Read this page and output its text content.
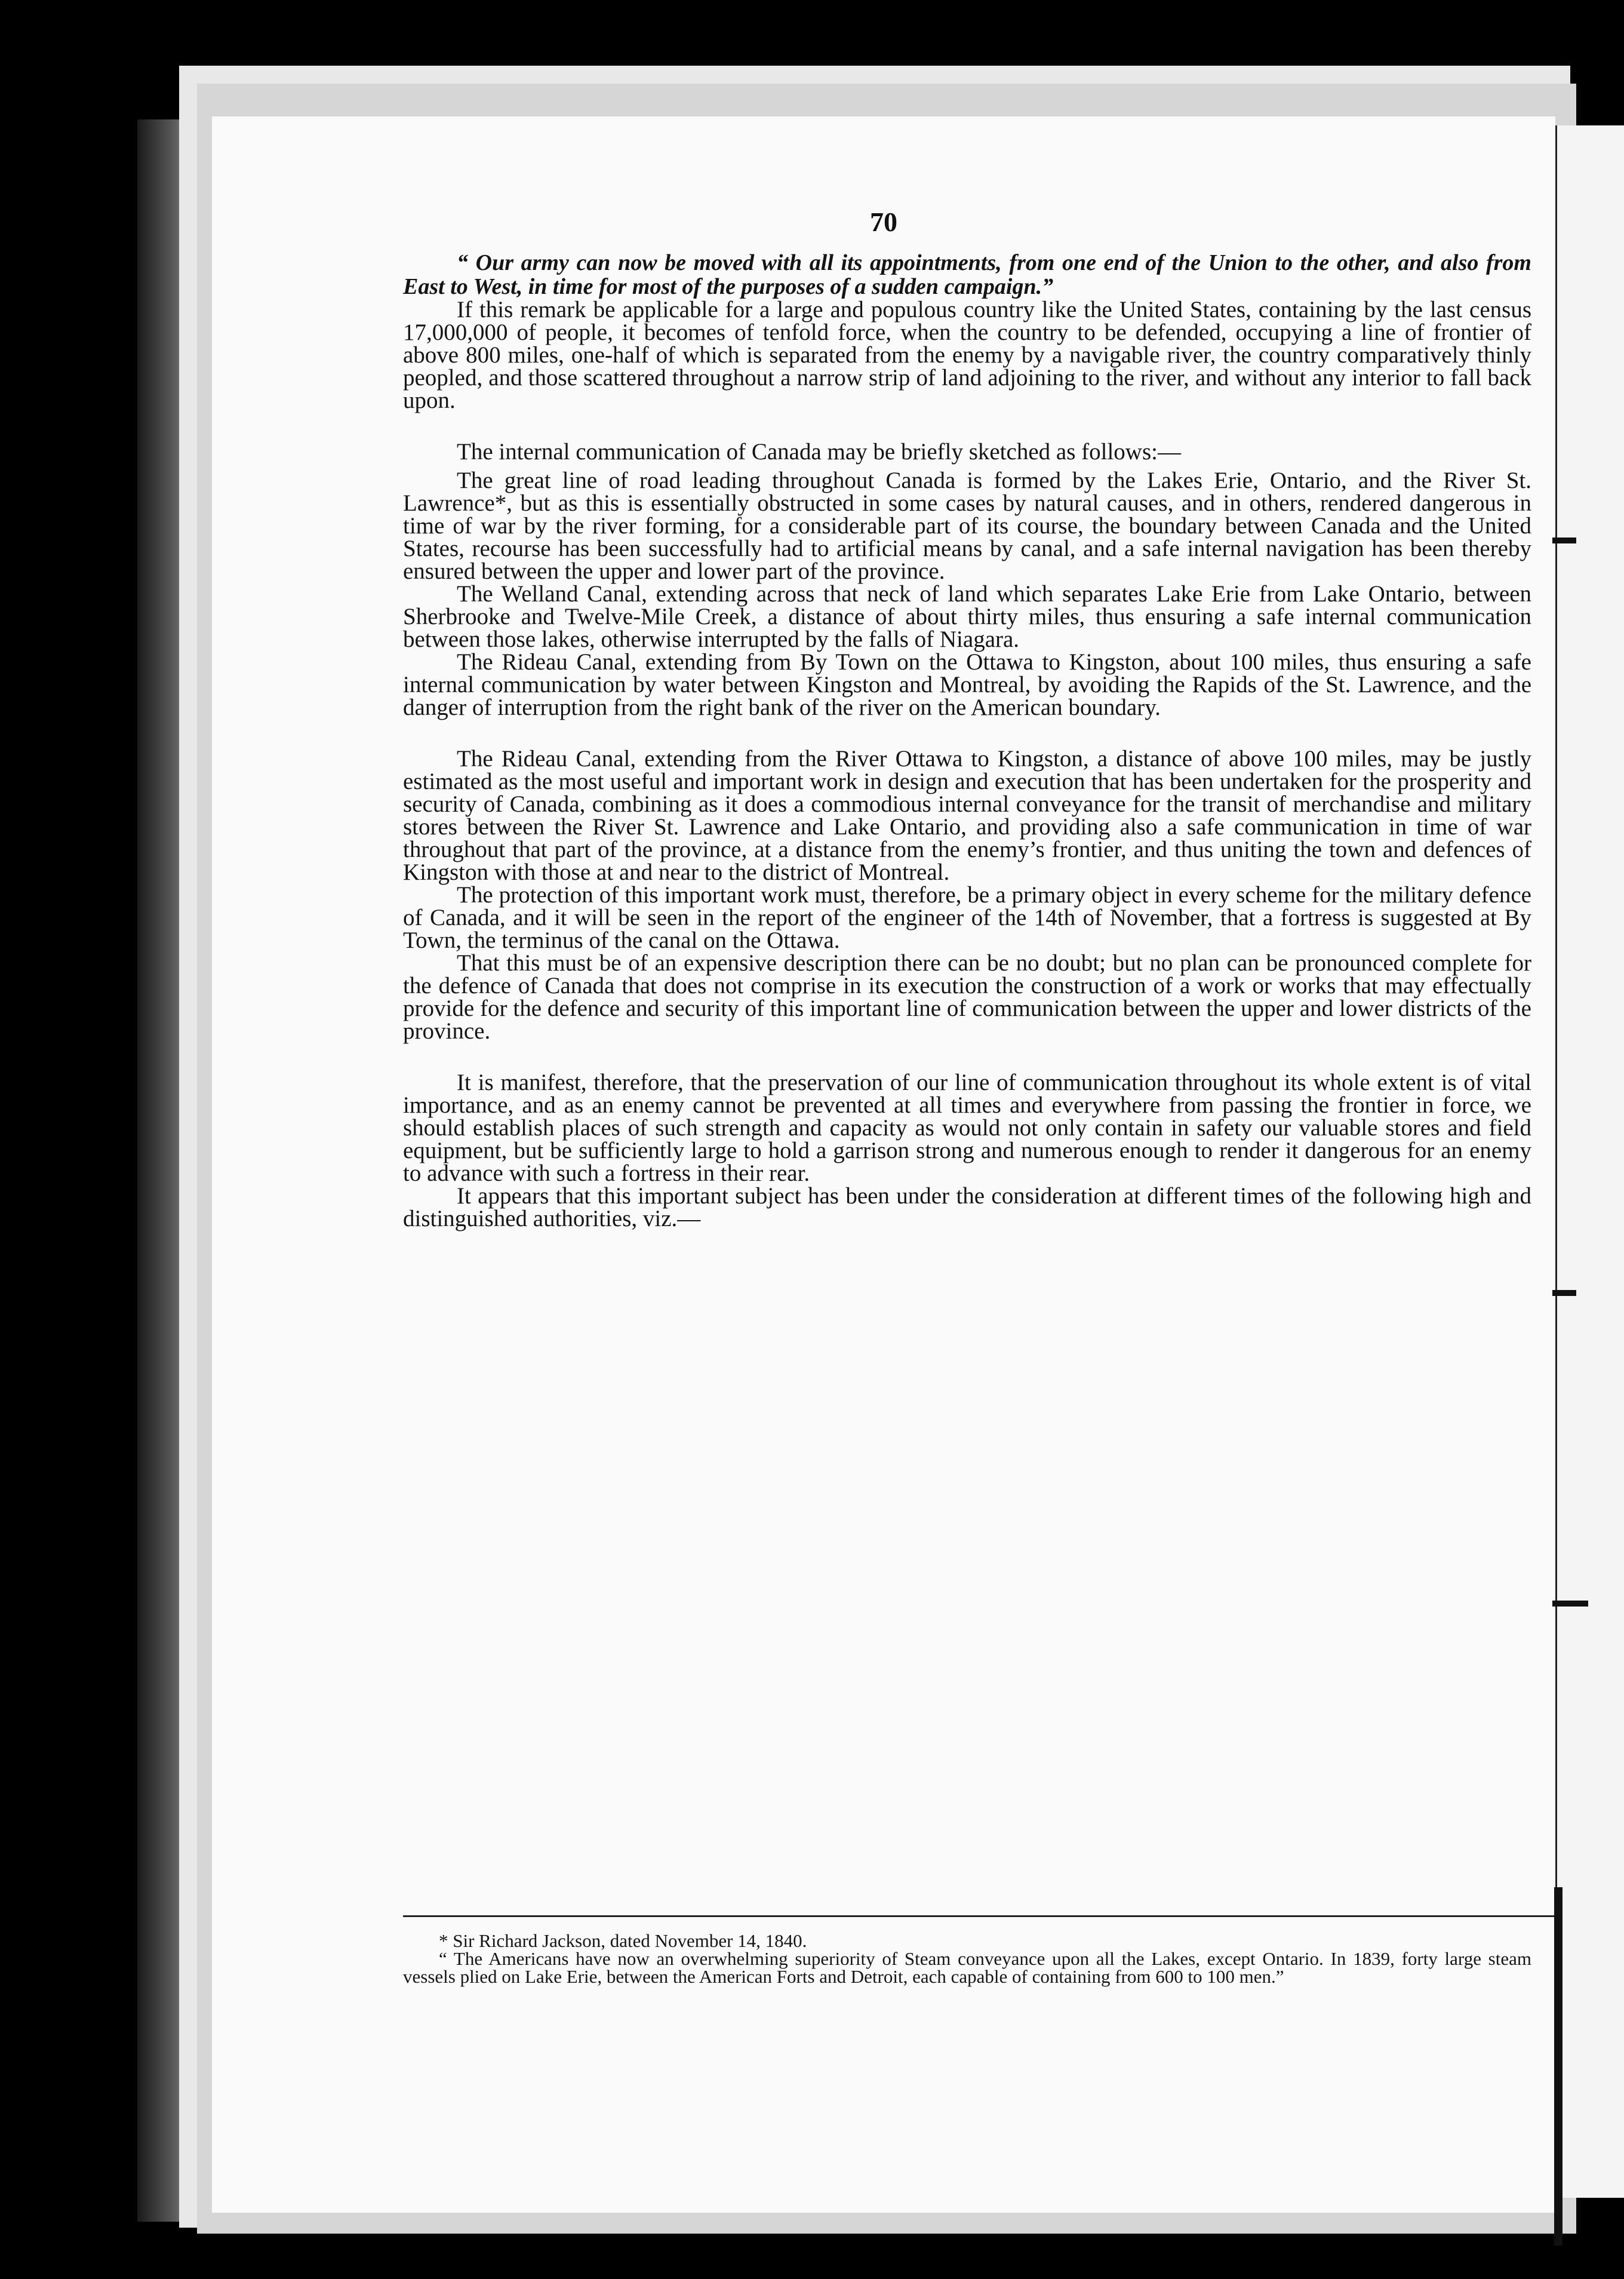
70

“ Our army can now be moved with all its appointments, from one end of the Union to the other, and also from East to West, in time for most of the purposes of a sudden campaign.”

If this remark be applicable for a large and populous country like the United States, containing by the last census 17,000,000 of people, it becomes of tenfold force, when the country to be defended, occupying a line of frontier of above 800 miles, one-half of which is separated from the enemy by a navigable river, the country comparatively thinly peopled, and those scattered throughout a narrow strip of land adjoining to the river, and without any interior to fall back upon.

The internal communication of Canada may be briefly sketched as follows:—

The great line of road leading throughout Canada is formed by the Lakes Erie, Ontario, and the River St. Lawrence*, but as this is essentially obstructed in some cases by natural causes, and in others, rendered dangerous in time of war by the river forming, for a considerable part of its course, the boundary between Canada and the United States, recourse has been successfully had to artificial means by canal, and a safe internal navigation has been thereby ensured between the upper and lower part of the province.

The Welland Canal, extending across that neck of land which separates Lake Erie from Lake Ontario, between Sherbrooke and Twelve-Mile Creek, a distance of about thirty miles, thus ensuring a safe internal communication between those lakes, otherwise interrupted by the falls of Niagara.

The Rideau Canal, extending from By Town on the Ottawa to Kingston, about 100 miles, thus ensuring a safe internal communication by water between Kingston and Montreal, by avoiding the Rapids of the St. Lawrence, and the danger of interruption from the right bank of the river on the American boundary.

The Rideau Canal, extending from the River Ottawa to Kingston, a distance of above 100 miles, may be justly estimated as the most useful and important work in design and execution that has been undertaken for the prosperity and security of Canada, combining as it does a commodious internal conveyance for the transit of merchandise and military stores between the River St. Lawrence and Lake Ontario, and providing also a safe communication in time of war throughout that part of the province, at a distance from the enemy’s frontier, and thus uniting the town and defences of Kingston with those at and near to the district of Montreal.

The protection of this important work must, therefore, be a primary object in every scheme for the military defence of Canada, and it will be seen in the report of the engineer of the 14th of November, that a fortress is suggested at By Town, the terminus of the canal on the Ottawa.

That this must be of an expensive description there can be no doubt; but no plan can be pronounced complete for the defence of Canada that does not comprise in its execution the construction of a work or works that may effectually provide for the defence and security of this important line of communication between the upper and lower districts of the province.

It is manifest, therefore, that the preservation of our line of communication throughout its whole extent is of vital importance, and as an enemy cannot be prevented at all times and everywhere from passing the frontier in force, we should establish places of such strength and capacity as would not only contain in safety our valuable stores and field equipment, but be sufficiently large to hold a garrison strong and numerous enough to render it dangerous for an enemy to advance with such a fortress in their rear.

It appears that this important subject has been under the consideration at different times of the following high and distinguished authorities, viz.—

* Sir Richard Jackson, dated November 14, 1840.

“ The Americans have now an overwhelming superiority of Steam conveyance upon all the Lakes, except Ontario. In 1839, forty large steam vessels plied on Lake Erie, between the American Forts and Detroit, each capable of containing from 600 to 100 men.”
